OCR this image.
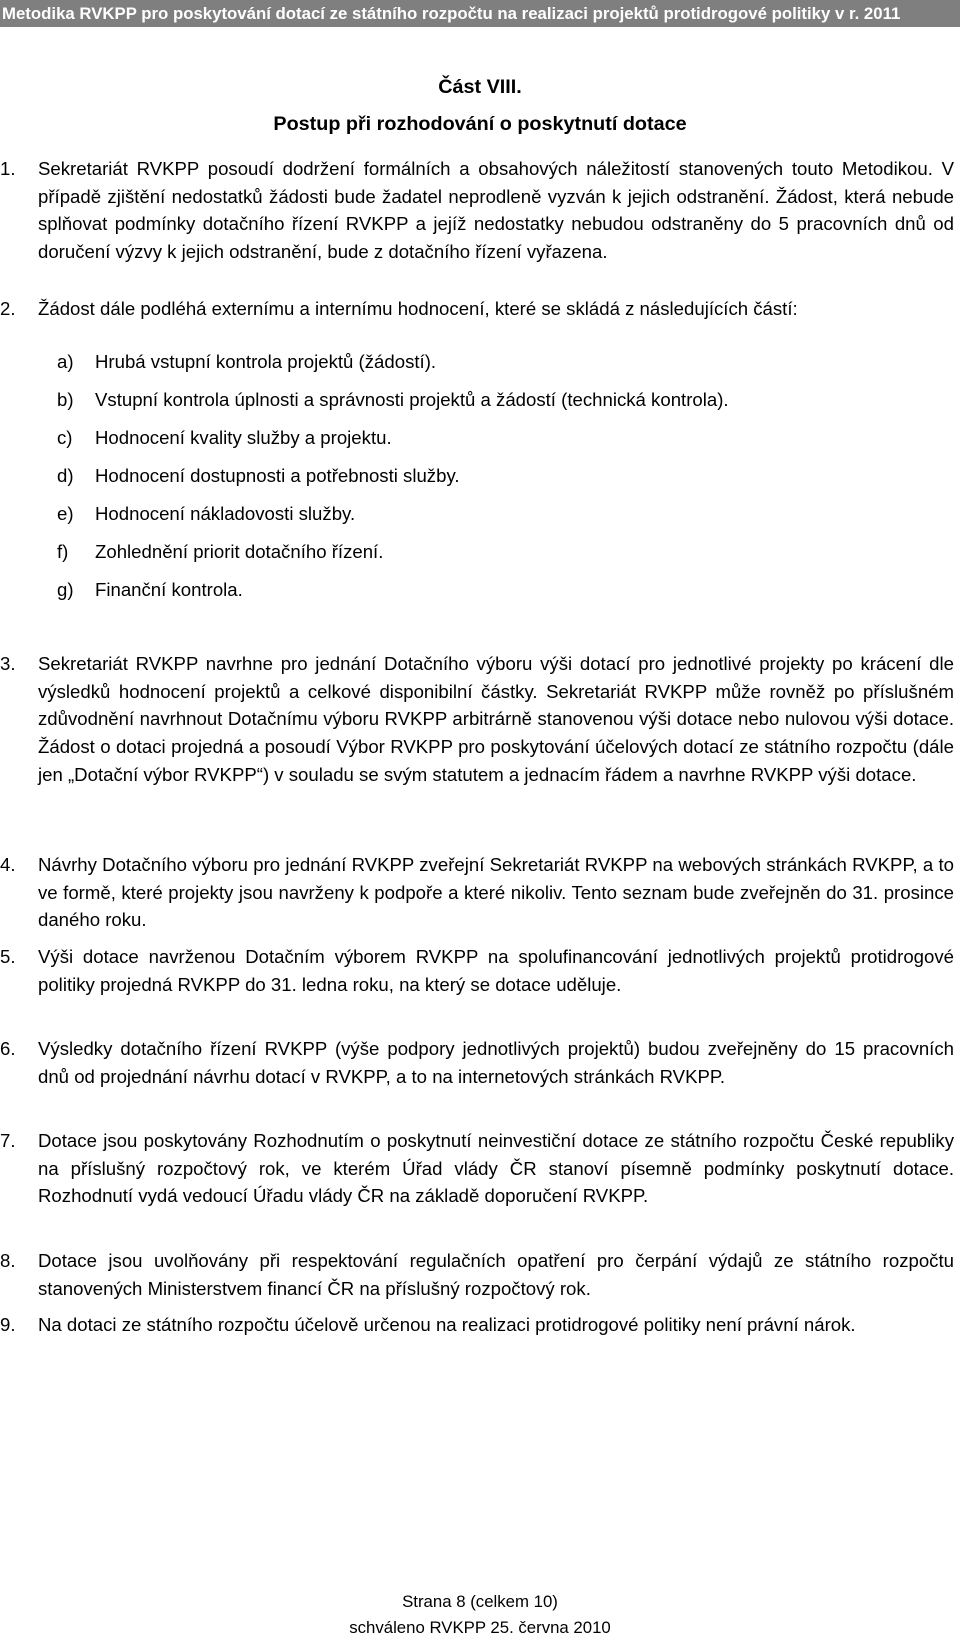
Metodika RVKPP pro poskytování dotací ze státního rozpočtu na realizaci projektů protidrogové politiky v r. 2011
Část VIII.
Postup při rozhodování o poskytnutí dotace
1.	Sekretariát RVKPP posoudí dodržení formálních a obsahových náležitostí stanovených touto Metodikou. V případě zjištění nedostatků žádosti bude žadatel neprodleně vyzván k jejich odstranění. Žádost, která nebude splňovat podmínky dotačního řízení RVKPP a jejíž nedostatky nebudou odstraněny do 5 pracovních dnů od doručení výzvy k jejich odstranění, bude z dotačního řízení vyřazena.
2.	Žádost dále podléhá externímu a internímu hodnocení, které se skládá z následujících částí:
a) Hrubá vstupní kontrola projektů (žádostí).
b) Vstupní kontrola úplnosti a správnosti projektů a žádostí (technická kontrola).
c) Hodnocení kvality služby a projektu.
d) Hodnocení dostupnosti a potřebnosti služby.
e) Hodnocení nákladovosti služby.
f) Zohlednění priorit dotačního řízení.
g) Finanční kontrola.
3.	Sekretariát RVKPP navrhne pro jednání Dotačního výboru výši dotací pro jednotlivé projekty po krácení dle výsledků hodnocení projektů a celkové disponibilní částky. Sekretariát RVKPP může rovněž po příslušném zdůvodnění navrhnout Dotačnímu výboru RVKPP arbitrárně stanovenou výši dotace nebo nulovou výši dotace. Žádost o dotaci projedná a posoudí Výbor RVKPP pro poskytování účelových dotací ze státního rozpočtu (dále jen „Dotační výbor RVKPP“) v souladu se svým statutem a jednacím řádem a navrhne RVKPP výši dotace.
4.	Návrhy Dotačního výboru pro jednání RVKPP zveřejní Sekretariát RVKPP na webových stránkách RVKPP, a to ve formě, které projekty jsou navrženy k podpoře a které nikoliv. Tento seznam bude zveřejněn do 31. prosince daného roku.
5.	Výši dotace navrženou Dotačním výborem RVKPP na spolufinancování jednotlivých projektů protidrogové politiky projedná RVKPP do 31. ledna roku, na který se dotace uděluje.
6.	Výsledky dotačního řízení RVKPP (výše podpory jednotlivých projektů) budou zveřejněny do 15 pracovních dnů od projednání návrhu dotací v RVKPP, a to na internetových stránkách RVKPP.
7.	Dotace jsou poskytovány Rozhodnutím o poskytnutí neinvestiční dotace ze státního rozpočtu České republiky na příslušný rozpočtový rok, ve kterém Úřad vlády ČR stanoví písemně podmínky poskytnutí dotace. Rozhodnutí vydá vedoucí Úřadu vlády ČR na základě doporučení RVKPP.
8.	Dotace jsou uvolňovány při respektování regulačních opatření pro čerpání výdajů ze státního rozpočtu stanovených Ministerstvem financí ČR na příslušný rozpočtový rok.
9.	Na dotaci ze státního rozpočtu účelově určenou na realizaci protidrogové politiky není právní nárok.
Strana 8 (celkem 10)
schváleno RVKPP 25. června 2010
